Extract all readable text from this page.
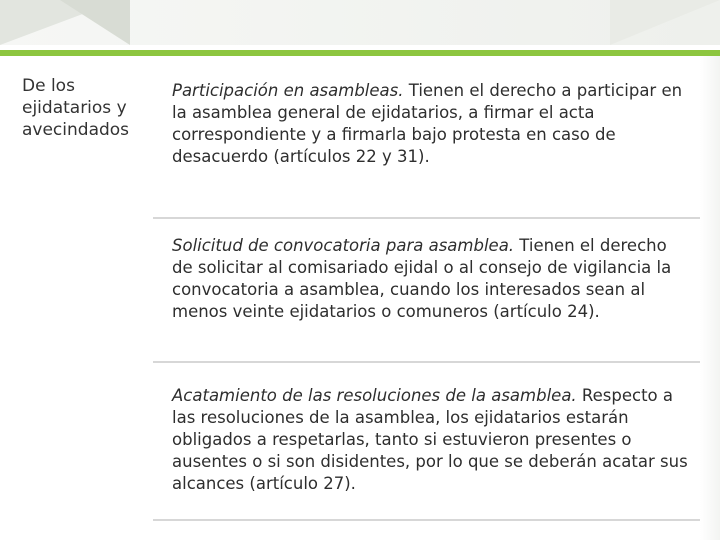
De los ejidatarios y avecindados

Participación en asambleas. Tienen el derecho a participar en la asamblea general de ejidatarios, a firmar el acta correspondiente y a firmarla bajo protesta en caso de desacuerdo (artículos 22 y 31).

Solicitud de convocatoria para asamblea. Tienen el derecho de solicitar al comisariado ejidal o al consejo de vigilancia la convocatoria a asamblea, cuando los interesados sean al menos veinte ejidatarios o comuneros (artículo 24).

Acatamiento de las resoluciones de la asamblea. Respecto a las resoluciones de la asamblea, los ejidatarios estarán obligados a respetarlas, tanto si estuvieron presentes o ausentes o si son disidentes, por lo que se deberán acatar sus alcances (artículo 27).
